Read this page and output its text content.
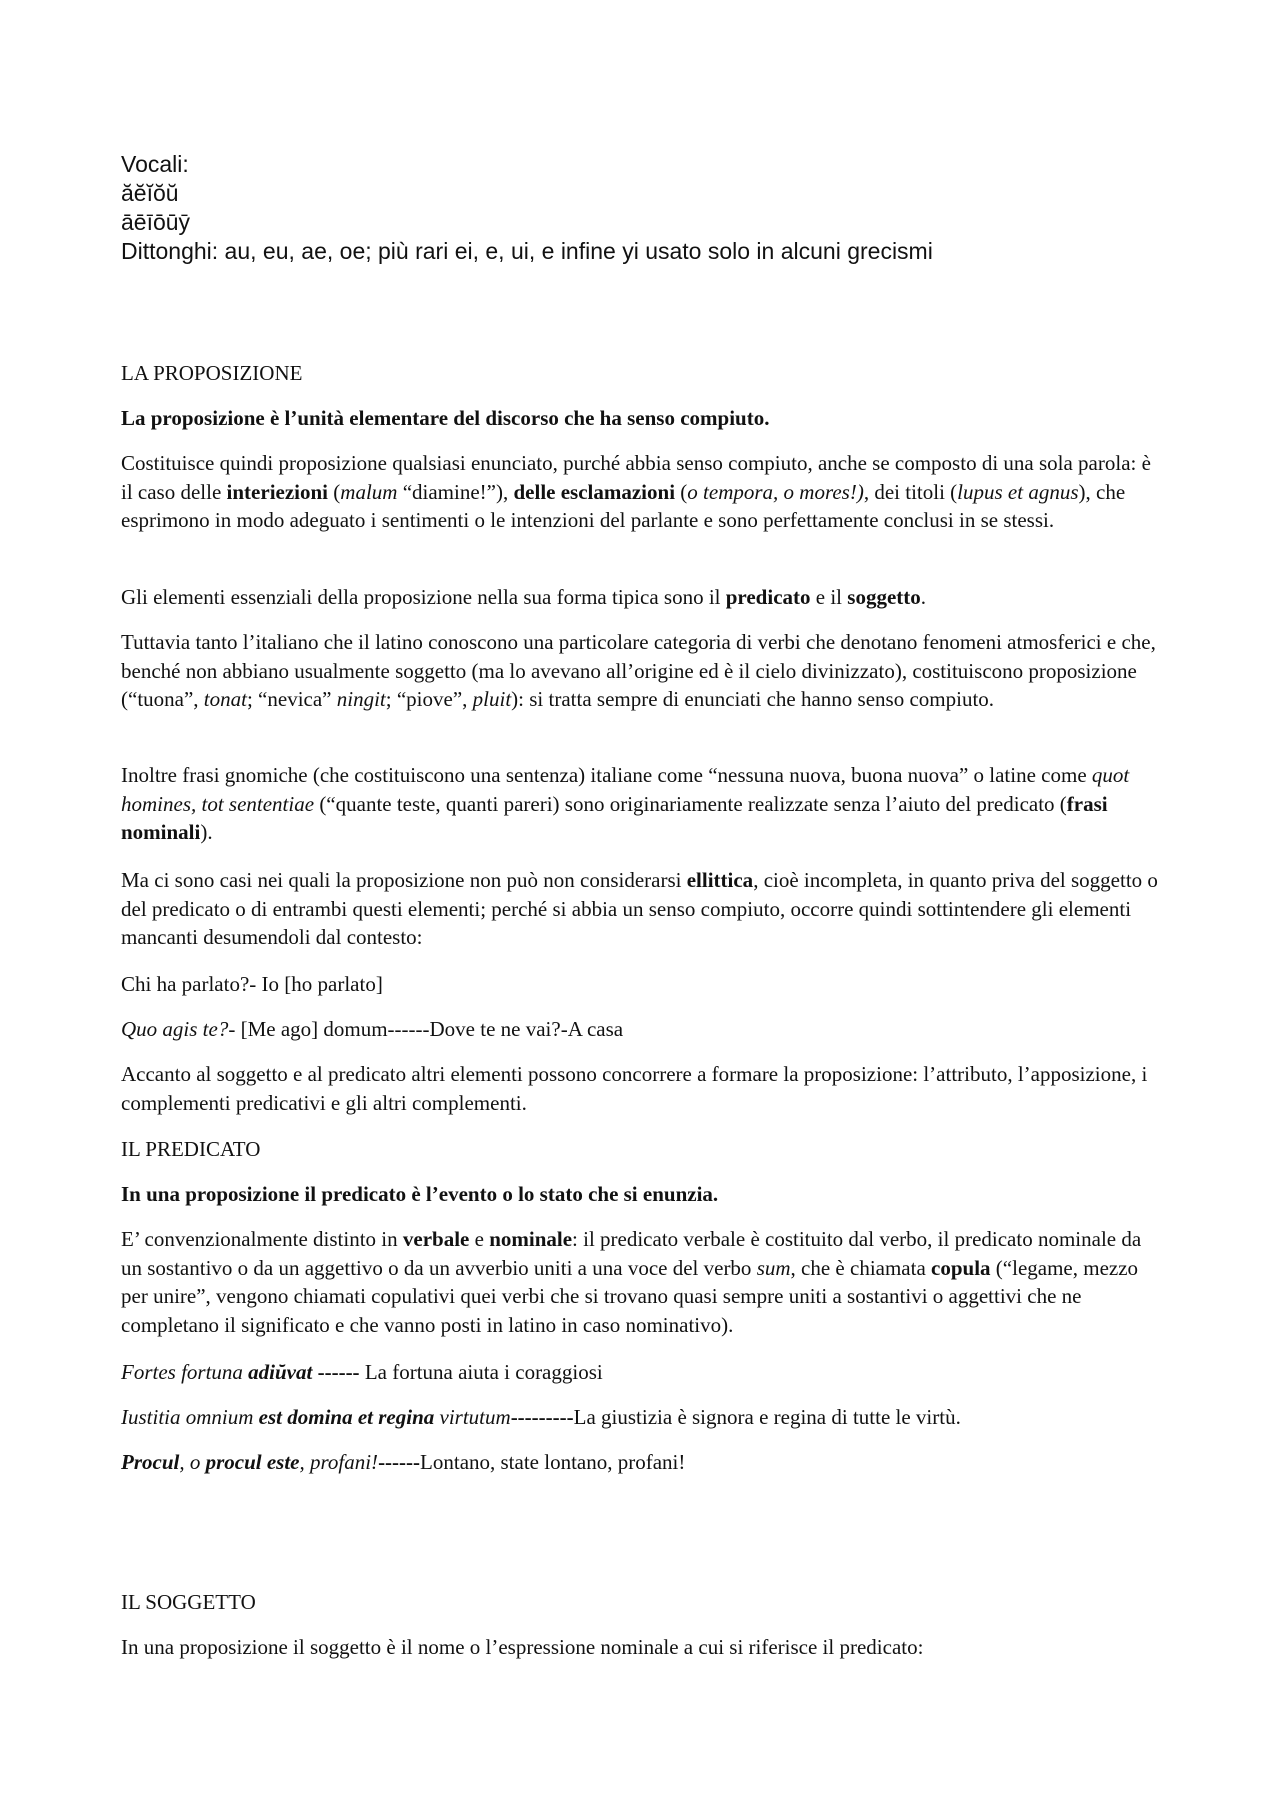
Vocali:
ăĕĭŏŭ
āēīōūȳ
Dittonghi: au, eu, ae, oe; più rari ei, e, ui, e infine yi usato solo in alcuni grecismi
LA PROPOSIZIONE
La proposizione è l’unità elementare del discorso che ha senso compiuto.
Costituisce quindi proposizione qualsiasi enunciato, purché abbia senso compiuto, anche se composto di una sola parola: è il caso delle interiezioni (malum “diamine!”), delle esclamazioni (o tempora, o mores!), dei titoli (lupus et agnus), che esprimono in modo adeguato i sentimenti o le intenzioni del parlante e sono perfettamente conclusi in se stessi.
Gli elementi essenziali della proposizione nella sua forma tipica sono il predicato e il soggetto.
Tuttavia tanto l’italiano che il latino conoscono una particolare categoria di verbi che denotano fenomeni atmosferici e che, benché non abbiano usualmente soggetto (ma lo avevano all’origine ed è il cielo divinizzato), costituiscono proposizione (“tuona”, tonat; “nevica” ningit; “piove”, pluit): si tratta sempre di enunciati che hanno senso compiuto.
Inoltre frasi gnomiche (che costituiscono una sentenza) italiane come “nessuna nuova, buona nuova” o latine come quot homines, tot sententiae (“quante teste, quanti pareri) sono originariamente realizzate senza l’aiuto del predicato (frasi nominali).
Ma ci sono casi nei quali la proposizione non può non considerarsi ellittica, cioè incompleta, in quanto priva del soggetto o del predicato o di entrambi questi elementi; perché si abbia un senso compiuto, occorre quindi sottintendere gli elementi mancanti desumendoli dal contesto:
Chi ha parlato?- Io [ho parlato]
Quo agis te?- [Me ago] domum------Dove te ne vai?-A casa
Accanto al soggetto e al predicato altri elementi possono concorrere a formare la proposizione: l’attributo, l’apposizione, i complementi predicativi e gli altri complementi.
IL PREDICATO
In una proposizione il predicato è l’evento o lo stato che si enunzia.
E’ convenzionalmente distinto in verbale e nominale: il predicato verbale è costituito dal verbo, il predicato nominale da un sostantivo o da un aggettivo o da un avverbio uniti a una voce del verbo sum, che è chiamata copula (“legame, mezzo per unire”, vengono chiamati copulativi quei verbi che si trovano quasi sempre uniti a sostantivi o aggettivi che ne completano il significato e che vanno posti in latino in caso nominativo).
Fortes fortuna adiŭvat ------ La fortuna aiuta i coraggiosi
Iustitia omnium est domina et regina virtutum---------La giustizia è signora e regina di tutte le virtù.
Procul, o procul este, profani!------Lontano, state lontano, profani!
IL SOGGETTO
In una proposizione il soggetto è il nome o l’espressione nominale a cui si riferisce il predicato:
